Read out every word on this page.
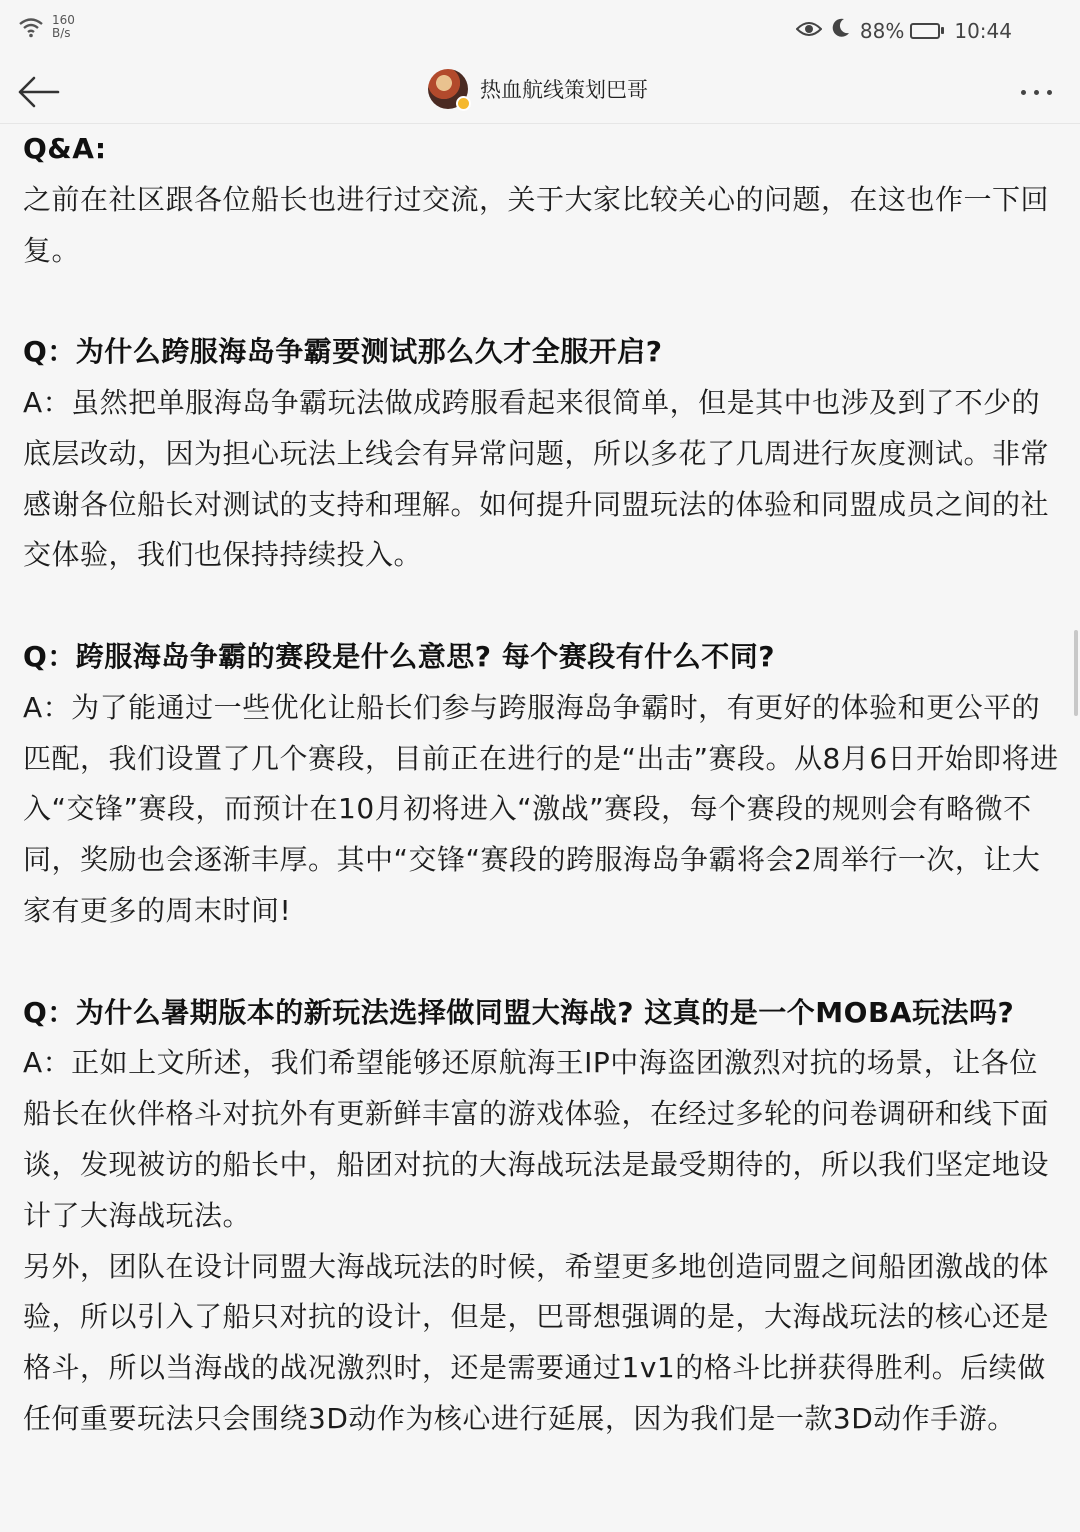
160
B/s	88%	10:44
热血航线策划巴哥

Q&A:

之前在社区跟各位船长也进行过交流，关于大家比较关心的问题，在这也作一下回复。

Q：为什么跨服海岛争霸要测试那么久才全服开启?

A：虽然把单服海岛争霸玩法做成跨服看起来很简单，但是其中也涉及到了不少的底层改动，因为担心玩法上线会有异常问题，所以多花了几周进行灰度测试。非常感谢各位船长对测试的支持和理解。如何提升同盟玩法的体验和同盟成员之间的社交体验，我们也保持持续投入。

Q：跨服海岛争霸的赛段是什么意思? 每个赛段有什么不同?

A：为了能通过一些优化让船长们参与跨服海岛争霸时，有更好的体验和更公平的匹配，我们设置了几个赛段，目前正在进行的是“出击”赛段。从8月6日开始即将进入“交锋”赛段，而预计在10月初将进入“激战”赛段，每个赛段的规则会有略微不同，奖励也会逐渐丰厚。其中“交锋“赛段的跨服海岛争霸将会2周举行一次，让大家有更多的周末时间!

Q：为什么暑期版本的新玩法选择做同盟大海战? 这真的是一个MOBA玩法吗?

A：正如上文所述，我们希望能够还原航海王IP中海盗团激烈对抗的场景，让各位船长在伙伴格斗对抗外有更新鲜丰富的游戏体验，在经过多轮的问卷调研和线下面谈，发现被访的船长中，船团对抗的大海战玩法是最受期待的，所以我们坚定地设计了大海战玩法。

另外，团队在设计同盟大海战玩法的时候，希望更多地创造同盟之间船团激战的体验，所以引入了船只对抗的设计，但是，巴哥想强调的是，大海战玩法的核心还是格斗，所以当海战的战况激烈时，还是需要通过1v1的格斗比拼获得胜利。后续做任何重要玩法只会围绕3D动作为核心进行延展，因为我们是一款3D动作手游。
